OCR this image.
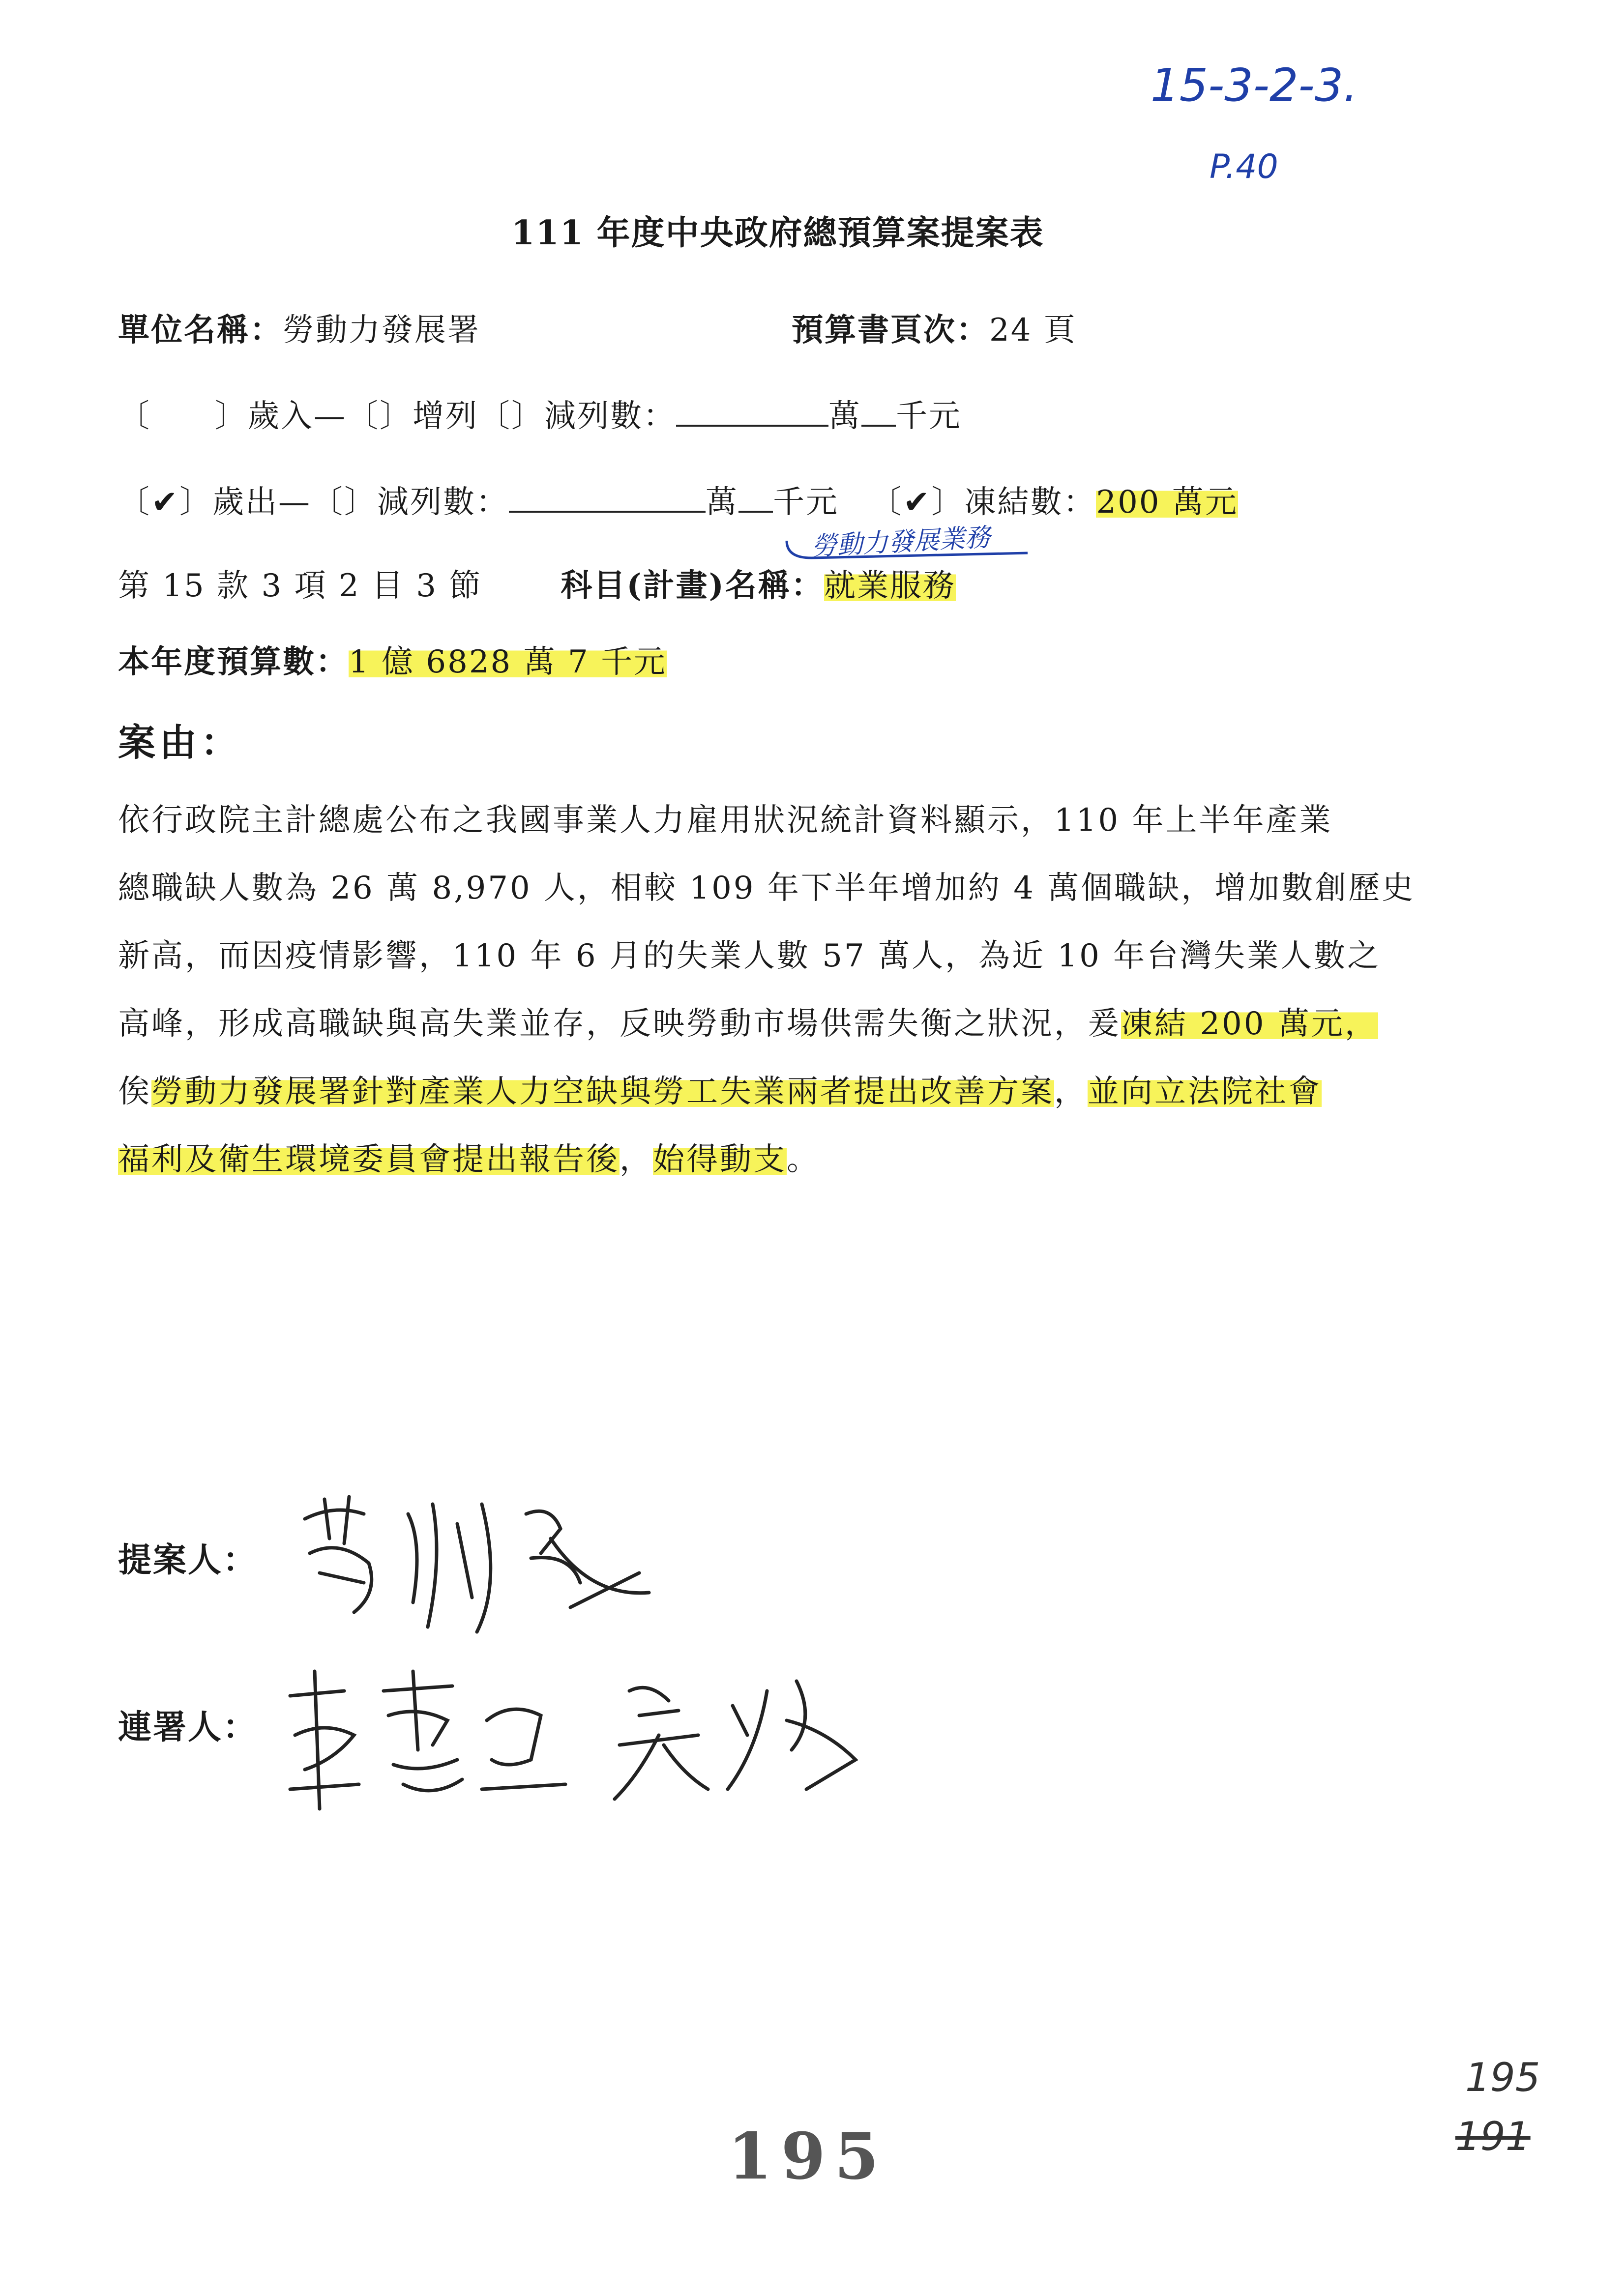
15-3-2-3.
P.40
111 年度中央政府總預算案提案表
單位名稱：勞動力發展署	預算書頁次：24 頁
〔 〕歲入—〔〕增列〔〕減列數：	萬 千元
〔✔〕歲出—〔〕減列數：	萬 千元 〔✔〕凍結數：200 萬元
勞動力發展業務
第 15 款 3 項 2 目 3 節	科目(計畫)名稱：就業服務
本年度預算數：1 億 6828 萬 7 千元
案由：
依行政院主計總處公布之我國事業人力雇用狀況統計資料顯示，110 年上半年產業
總職缺人數為 26 萬 8,970 人，相較 109 年下半年增加約 4 萬個職缺，增加數創歷史
新高，而因疫情影響，110 年 6 月的失業人數 57 萬人，為近 10 年台灣失業人數之
高峰，形成高職缺與高失業並存，反映勞動市場供需失衡之狀況，爰凍結 200 萬元，
俟勞動力發展署針對產業人力空缺與勞工失業兩者提出改善方案，並向立法院社會
福利及衛生環境委員會提出報告後，始得動支。
提案人：
連署人：
195
195
191
